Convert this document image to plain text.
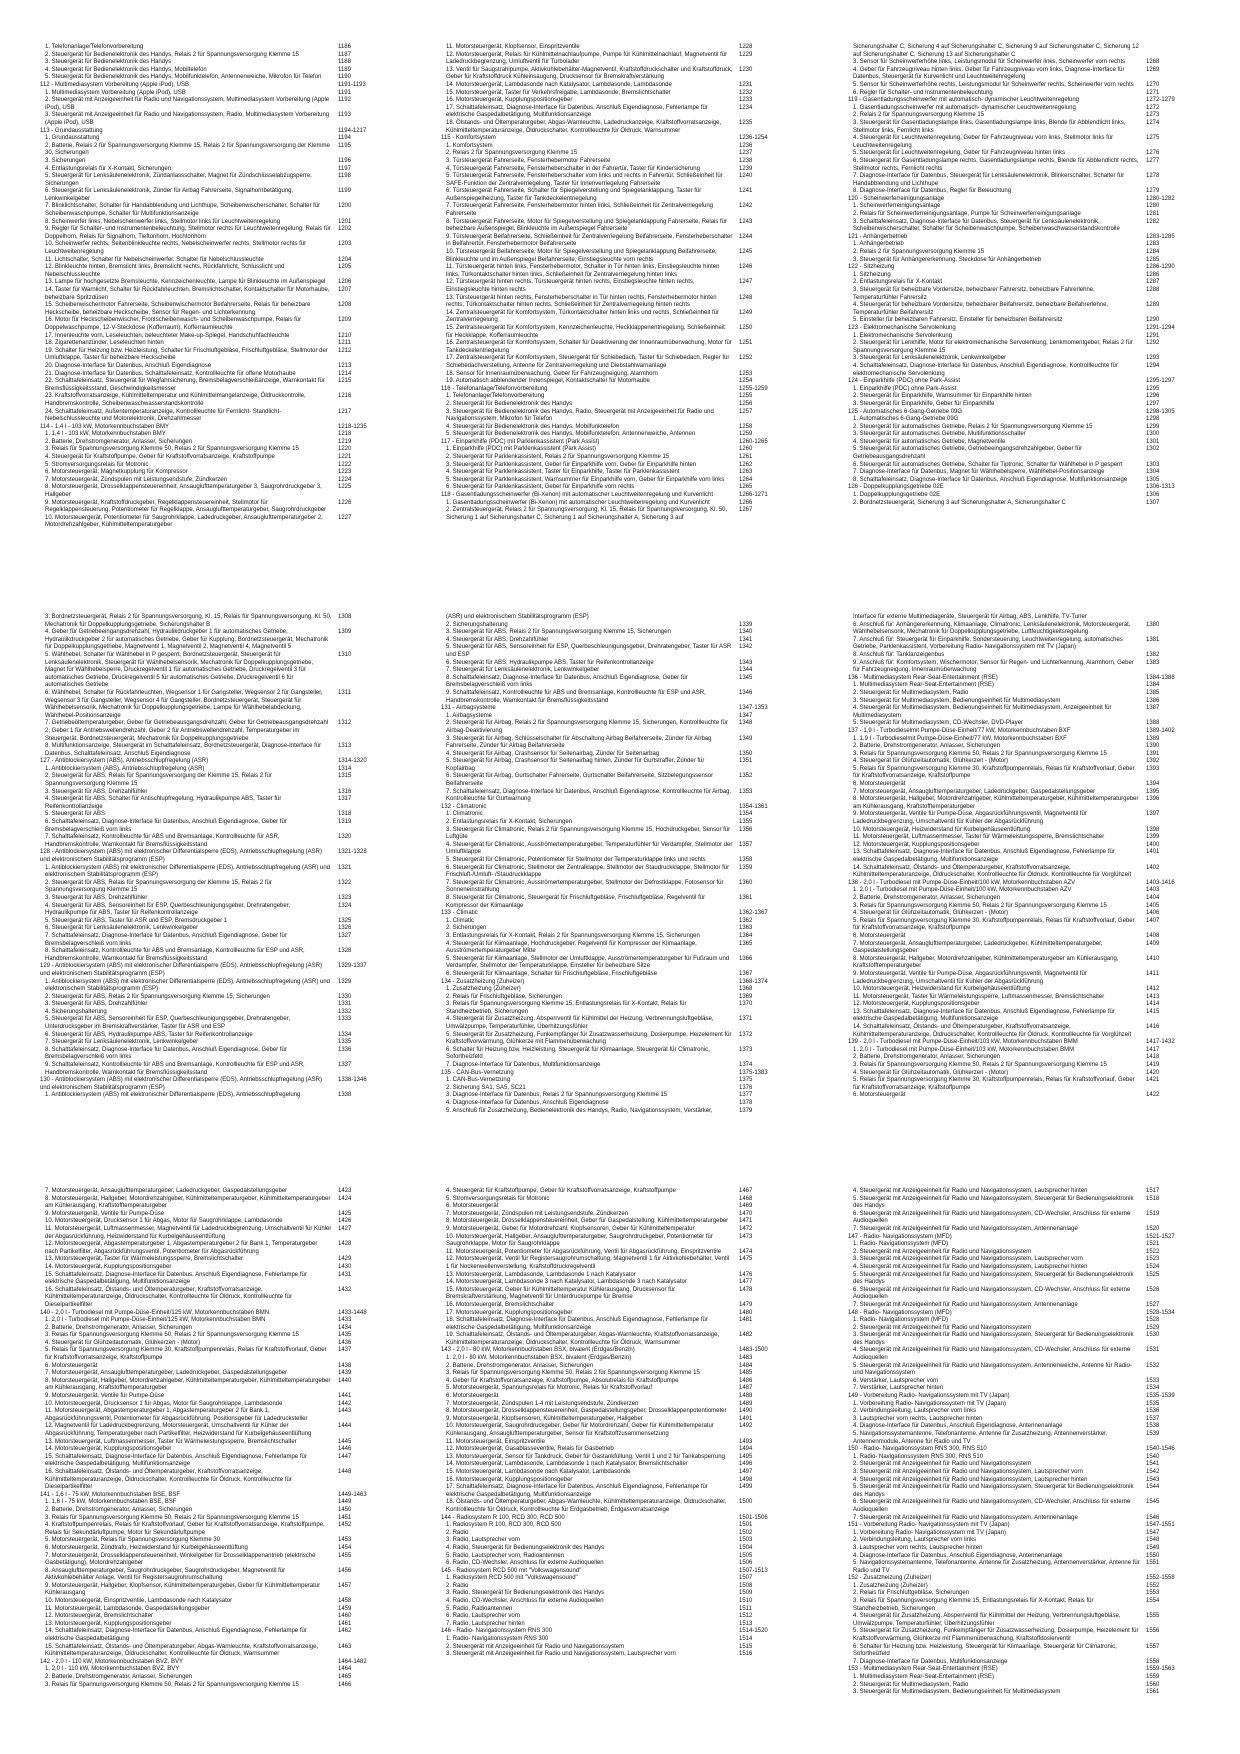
1. Telefonanlage/Telefonvorbereitung	1186
2. Steuergerät für Bedienelektronik des Handys, Relais 2 für Spannungsversorgung Klemme 15	1187
3. Steuergerät für Bedienelektronik des Handys	1188
4. Steuergerät für Bedienelektronik des Handys, Mobiltelefon	1189
5. Steuergerät für Bedienelektronik des Handys, Mobilfunktelefon, Antennenweiche, Mikrofon für Telefon	1190
112 - Multimediasystem Vorbereitung (Apple iPod), USB	1191-1193
1. Multimediasystem Vorbereitung (Apple iPod), USB	1191
2. Steuergerät mit Anzeigeeinheit für Radio und Navigationssystem, Multimediasystem Vorbereitung (Apple iPod), USB
1192
3. Steuergerät mit Anzeigeeinheit für Radio und Navigationssystem, Radio, Multimediasystem Vorbereitung (Apple iPod), USB
1193
113 - Grundausstattung	1194-1217
1. Grundausstattung	1194
2. Batterie, Relais 2 für Spannungsversorgung Klemme 15, Relais 2 für Spannungsversorgung der Klemme 30, Sicherungen
1195
3. Sicherungen	1196
4. Entlastungsrelais für X-Kontakt, Sicherungen	1197
5. Steuergerät für Lenksäulenelektronik, Zündanlassschalter, Magnet für Zündschlüsselabzugsperre, Sicherungen
1198
6. Steuergerät für Lenksäulenelektronik, Zünder für Airbag Fahrerseite, Signalhornbetätigung, Lenkwinkelgeber
1199
7. Blinklichtschalter, Schalter für Handabblendung und Lichthupe, Scheibenwischerschalter, Schalter für Scheibenwaschpumpe, Schalter für Multifunktionsanzeige
1200
8. Scheinwerfer links, Nebelscheinwerfer links, Stellmotor links für Leuchtweitenregelung	1201
9. Regler für Schalter- und Instrumentenbeleuchtung, Stellmotor rechts für Leuchtweitenregelung, Relais für Doppelhorn, Relais für Signalhorn, Tieftonhorn, Hochtonhorn
1202
10. Scheinwerfer rechts, Seitenblinkleuchte rechts, Nebelscheinwerfer rechts, Stellmotor rechts für Leuchtweitenregelung
1203
11. Lichtschalter, Schalter für Nebelscheinwerfer, Schalter für Nebelschlussleuchte	1204
12. Blinkleuchte hinten, Bremslicht links, Bremslicht rechts, Rückfahrlicht, Schlusslicht und Nebelschlussleuchte
1205
13. Lampe für hochgesetzte Bremsleuchte, Kennzeichenleuchte, Lampe für Blinkleuchte im Außenspiegel	1206
14. Taster für Warnlicht, Schalter für Rückfahrleuchten, Bremslichtschalter, Kontaktschalter für Motorhaube, beheizbare Spritzdüsen
1207
15. Scheibenwischermotor Fahrerseite, Scheibenwischermotor Beifahrerseite, Relais für beheizbare Heckscheibe, beheizbare Heckscheibe, Sensor für Regen- und Lichterkennung
1208
16. Motor für Heckscheibenwischer, Frontscheibenwasch- und Scheibenwaschpumpe, Relais für Doppelwaschpumpe, 12-V-Steckdose (Kofferraum), Kofferraumleuchte
1209
17. Innenleuchte vorn, Leseleuchten, beleuchteter Make-up-Spiegel, Handschuhfachleuchte	1210
18. Zigarettenanzünder, Leseleuchten hinten	1211
19. Schalter für Heizung bzw. Heizleistung, Schalter für Frischluftgebläse, Frischluftgebläse, Stellmotor der Umluftklappe, Taster für beheizbare Heckscheibe
1212
20. Diagnose-Interface für Datenbus, Anschluß Eigendiagnose	1213
21. Diagnose-Interface für Datenbus, Schalttafeleinsatz, Kontrollleuchte für offene Motorhaube	1214
22. Schalttafeleinsatz, Steuergerät für Wegfahrsicherung, Bremsbelagverschleißanzeige, Warnkontakt für Bremsflüssigkeitsstand, Geschwindigkeitsmesser
1215
23. Kraftstoffvorratsanzeige, Kühlmitteltemperatur und Kühlmittelmangelanzeige, Öldruckkontrolle, Handbremskontrolle, Scheibenwaschwasserstandskontrolle
1216
24. Schalttafeleinsatz, Außentemperaturanzeige, Kontrollleuchte für Fernlicht- Standlicht- Nebelschlussleuchte und Motorelektronik, Drehzahlmesser
1217
114 - 1,4 l - 103 kW, Motorkennbuchstaben BMY	1218-1235
1. 1,4 l - 103 kW, Motorkennbuchstaben BMY	1218
2. Batterie, Drehstromgenerator, Anlasser, Sicherungen	1219
3. Relais für Spannungsversorgung Klemme 50, Relais 2 für Spannungsversorgung Klemme 15	1220
4. Steuergerät für Kraftstoffpumpe, Geber für Kraftstoffvorratsanzeige, Kraftstoffpumpe	1221
5. Stromversorgungsrelais für Motronic	1222
6. Motorsteuergerät, Magnetkupplung für Kompressor	1223
7. Motorsteuergerät, Zündspulen mit Leistungsendstufe, Zündkerzen	1224
8. Motorsteuergerät, Drosselklappensteuereinheit, Ansauglufttemperaturgeber 3, Saugrohrdruckgeber 3, Hallgeber
1225
9. Motorsteuergerät, Kraftstoffdruckgeber, Regelklappensteuereinheit, Stellmotor für Regelklappensteuerung, Potentiometer für Regelklappe, Ansauglufttemperaturgeber, Saugrohrdruckgeber
1226
10. Motorsteuergerät, Potentiometer für Saugrohrklappe, Ladedruckgeber, Ansauglufttemperaturgeber 2, Motordrehzahlgeber, Kühlmitteltemperaturgeber
1227
11. Motorsteuergerät, Klopfsensor, Einspritzventile	1228
12. Motorsteuergerät, Relais für Kühlmittelnachlaufpumpe, Pumpe für Kühlmittelnachlauf, Magnetventil für Ladedruckbegrenzung, Umluftventil für Turbolader
1229
13. Ventil für Saugstrahlpumpe, Aktivkohlebehälter-Magnetventil, Kraftstoffdruckschalter und Kraftstoffdruck, Geber für Kraftstoffdruck Kühleinsaugung, Drucksensor für Bremskraftverstärkung
1230
14. Motorsteuergerät, Lambdasonde nach Katalysator, Lambdasonde, Lambdasonde	1231
15. Motorsteuergerät, Taster für Verkehrsfreigabe, Lambdasonde, Bremslichtschalter	1232
16. Motorsteuergerät, Kupplungspositionsgeber	1233
17. Schalttafeleinsatz, Diagnose-Interface für Datenbus, Anschluß Eigendiagnose, Fehlerlampe für elektrische Gaspedalbetätigung, Multifunktionsanzeige
1234
18. Ölstands- und Öltemperaturgeber, Abgas-Warnleuchte, Ladedruckanzeige, Kraftstoffvorratsanzeige, Kühlmitteltemperaturanzeige, Öldruckschalter, Kontrollleuchte für Öldruck, Warnsummer
1235
115 - Komfortsystem	1236-1254
1. Komfortsystem	1236
2. Relais 2 für Spannungsversorgung Klemme 15	1237
3. Türsteuergerät Fahrerseite, Fensterhebermotor Fahrerseite	1238
4. Türsteuergerät Fahrerseite, Fensterheberschalter in der Fahrertür, Taster für Kindersicherung	1239
5. Türsteuergerät Fahrerseite, Fensterheberschalter vorn links und rechts in Fahrertür, Schließeinheit für SAFE-Funktion der Zentralverriegelung, Taster für Innenverriegelung Fahrerseite
1240
6. Türsteuergerät Fahrerseite, Schalter für Spiegelverstellung und Spiegelanklappung, Taster für Außenspiegelheizung, Taster für Tankdeckelentriegelung
1241
7. Türsteuergerät Fahrerseite, Fensterhebermotor hinten links, Schließeinheit für Zentralverriegelung Fahrerseite
1242
8. Türsteuergerät Fahrerseite, Motor für Spiegelverstellung und Spiegelanklappung Fahrerseite, Relais für beheizbare Außenspiegel, Blinkleuchte im Außenspiegel Fahrerseite
1243
9. Türsteuergerät Beifahrerseite, Schließeinheit für Zentralverriegelung Beifahrerseite, Fensterheberschalter in Beifahrertür, Fensterhebermotor Beifahrerseite
1244
10. Türsteuergerät Beifahrerseite, Motor für Spiegelverstellung und Spiegelanklappung Beifahrerseite, Blinkleuchte und im Außenspiegel Beifahrerseite, Einstiegsleuchte vorn rechts
1245
11. Türsteuergerät hinten links, Fensterhebermotor, Schalter in Tür hinten links, Einstiegsleuchte hinten links, Türkontaktschalter hinten links, Schließeinheit für Zentralverriegelung hinten links
1246
12. Türsteuergerät hinten rechts, Türsteuergerät hinten rechts, Einstiegsleuchte hinten rechts, Einstiegsleuchte hinten rechts
1247
13. Türsteuergerät hinten rechts, Fensterheberschalter in Tür hinten rechts, Fensterhebermotor hinten rechts, Türkontaktschalter hinten rechts, Schließeinheit für Zentralverriegelung hinten rechts
1248
14. Zentralsteuergerät für Komfortsystem, Türkontaktschalter hinten links und rechts, Schließeinheit für Zentralverriegelung
1249
15. Zentralsteuergerät für Komfortsystem, Kennzeichenleuchte, Heckklappenentriegelung, Schließeinheit für Heckklappe, Kofferraumleuchte
1250
16. Zentralsteuergerät für Komfortsystem, Schalter für Deaktivierung der Innenraumüberwachung, Motor für Tankdeckelentriegelung
1251
17. Zentralsteuergerät für Komfortsystem, Steuergerät für Schiebedach, Taster für Schiebedach, Regler für Schiebedachverstellung, Antenne für Zentralverriegelung und Diebstahlwarnanlage
1252
18. Sensor für Innenraumüberwachung, Geber für Fahrzeugneigung, Alarmhorn	1253
19. Automatisch abblendender Innenspiegel, Kontaktschalter für Motorhaube	1254
116 - Telefonanlage/Telefonvorbereitung	1255-1259
1. Telefonanlage/Telefonvorbereitung	1255
2. Steuergerät für Bedienelektronik des Handys	1256
3. Steuergerät für Bedienelektronik des Handys, Radio, Steuergerät mit Anzeigeeinheit für Radio und Navigationssystem, Mikrofon für Telefon
1257
4. Steuergerät für Bedienelektronik des Handys, Mobilfunktelefon	1258
5. Steuergerät für Bedienelektronik des Handys, Mobilfunktelefon, Antennenweiche, Antennen	1259
117 - Einparkhilfe (PDC) mit Parklenkassistent (Park Assist)	1260-1265
1. Einparkhilfe (PDC) mit Parklenkassistent (Park Assist)	1260
2. Steuergerät für Parklenkassistent, Relais 2 für Spannungsversorgung Klemme 15	1261
3. Steuergerät für Parklenkassistent, Geber für Einparkhilfe vorn, Geber für Einparkhilfe hinten	1262
4. Steuergerät für Parklenkassistent, Taster für Einparkhilfe, Taster für Parklenkassistent	1263
5. Steuergerät für Parklenkassistent, Warnsummer für Einparkhilfe vorn, Geber für Einparkhilfe vorn links	1264
6. Steuergerät für Parklenkassistent, Geber für Einparkhilfe vorn rechts	1265
118 - Gasentladungsscheinwerfer (Bi-Xenon) mit automatischer Leuchtweitenregelung und Kurvenlicht	1266-1271
1. Gasentladungsscheinwerfer (Bi-Xenon) mit automatischer Leuchtweitenregelung und Kurvenlicht	1266
2. Zentralsteuergerät, Relais 2 für Spannungsversorgung, Kl. 15, Relais für Spannungsversorgung, Kl. 50, Sicherung 1 auf Sicherungshalter C, Sicherung 1 auf Sicherungshalter A, Sicherung 3 auf
1267
Sicherungshalter C, Sicherung 4 auf Sicherungshalter C, Sicherung 9 auf Sicherungshalter C, Sicherung 12 auf Sicherungshalter C, Sicherung 13 auf Sicherungshalter C
3. Sensor für Scheinwerferhöhe links, Leistungsmodul für Scheinwerfer links, Scheinwerfer vorn rechts	1268
4. Geber für Fahrzeugniveau hinten links, Geber für Fahrzeugniveau vorn links, Diagnose-Interface für Datenbus, Steuergerät für Kurvenlicht und Leuchtweitenregelung
1269
5. Sensor für Scheinwerferhöhe rechts, Leistungsmodul für Scheinwerfer rechts, Scheinwerfer vorn rechts	1270
6. Regler für Schalter- und Instrumentenbeleuchtung	1271
119 - Gasentladungsscheinwerfer mit automatisch- dynamischer Leuchtweitenregelung	1272-1279
1. Gasentladungsscheinwerfer mit automatisch- dynamischer Leuchtweitenregelung	1272
2. Relais 2 für Spannungsversorgung Klemme 15	1273
3. Steuergerät für Gasentladungslampe links, Gasentladungslampe links, Blende für Abblendlicht links, Stellmotor links, Fernlicht links
1274
4. Steuergerät für Leuchtweitenregelung, Geber für Fahrzeugniveau vorn links, Stellmotor links für Leuchtweitenregelung
1275
5. Steuergerät für Leuchtweitenregelung, Geber für Fahrzeugniveau hinten links	1276
6. Steuergerät für Gasentladungslampe rechts, Gasentladungslampe rechts, Blende für Abblendlicht rechts, Stellmotor rechts, Fernlicht rechts
1277
7. Diagnose-Interface für Datenbus, Steuergerät für Lenksäulenelektronik, Blinkerschalter, Schalter für Handabblendung und Lichthupe
1278
8. Diagnose-Interface für Datenbus, Regler für Beleuchtung	1279
120 - Scheinwerferreinigungsanlage	1280-1282
1. Scheinwerferreinigungsanlage	1280
2. Relais für Scheinwerferreinigungsanlage, Pumpe für Scheinwerferreinigungsanlage	1281
3. Schalttafeleinsatz, Diagnose-Interface für Datenbus, Steuergerät für Lenksäulenelektronik, Scheibenwischerschalter, Schalter für Scheibenwaschpumpe, Scheibenwaschwasserstandskontrolle
1282
121 - Anhängerbetrieb	1283-1285
1. Anhängerbetrieb	1283
2. Relais 2 für Spannungsversorgung Klemme 15	1284
3. Steuergerät für Anhängererkennung, Steckdose für Anhängerbetrieb	1285
122 - Sitzheizung	1286-1290
1. Sitzheizung	1286
2. Entlastungsrelais für X-Kontakt	1287
3. Steuergerät für beheizbare Vordersitze, beheizbarer Fahrersitz, beheizbare Fahrerlehne, Temperaturfühler Fahrersitz
1288
4. Steuergerät für beheizbare Vordersitze, beheizbarer Beifahrersitz, beheizbare Beifahrerlehne, Temperaturfühler Beifahrersitz
1289
5. Einsteller für beheizbaren Fahrersitz, Einsteller für beheizbaren Beifahrersitz	1290
123 - Elektromechanische Servolenkung	1291-1294
1. Elektromechanische Servolenkung	1291
2. Steuergerät für Lenkhilfe, Motor für elektromechanische Servolenkung, Lenkmomentgeber, Relais 2 für Spannungsversorgung Klemme 15
1292
3. Steuergerät für Lenksäulenelektronik, Lenkwinkelgeber	1293
4. Schalttafeleinsatz, Diagnose-Interface für Datenbus, Anschluß Eigendiagnose, Kontrollleuchte für elektromechanische Servolenkung
1294
124 - Einparkhilfe (PDC) ohne Park-Assist	1295-1297
1. Einparkhilfe (PDC) ohne Park-Assist	1295
2. Steuergerät für Einparkhilfe, Warnsummer für Einparkhilfe hinten	1296
3. Steuergerät für Einparkhilfe, Geber für Einparkhilfe	1297
125 - Automatisches 6-Gang-Getriebe 09G	1298-1305
1. Automatisches 6-Gang-Getriebe 09G	1298
2. Steuergerät für automatisches Getriebe, Relais 2 für Spannungsversorgung Klemme 15	1299
3. Steuergerät für automatisches Getriebe, Multifunktionsschalter	1300
4. Steuergerät für automatisches Getriebe, Magnetventile	1301
5. Steuergerät für automatisches Getriebe, Getriebeeingangsdrehzahlgeber, Geber für Getriebeausgangsdrehzahl
1302
6. Steuergerät für automatisches Getriebe, Schalter für Tiptronic, Schalter für Wählhebel in P gesperrt	1303
7. Diagnose-Interface für Datenbus, Magnet für Wählhebelsperre, Wählhebel-Positionsanzeige	1304
8. Schalttafeleinsatz, Diagnose-Interface für Datenbus, Anschluß Eigendiagnose, Multifunktionsanzeige	1305
126 - Doppelkupplungsgetriebe 02E	1306-1313
1. Doppelkupplungsgetriebe 02E	1306
2. Bordnetzsteuergerät, Sicherung 3 auf Sicherungshalter A, Sicherungshalter C	1307
3. Bordnetzsteuergerät, Relais 2 für Spannungsversorgung, Kl. 15, Relais für Spannungsversorgung, Kl. 50, Mechatronik für Doppelkupplungsgetriebe, Sicherungshalter B
1308
4. Geber für Getriebeeingangsdrehzahl, Hydraulikdruckgeber 1 für automatisches Getriebe, Hydraulikdruckgeber 2 für automatisches Getriebe, Geber für Kupplung, Bordnetzsteuergerät, Mechatronik für Doppelkupplungsgetriebe, Magnetventil 1, Magnetventil 2, Magnetventil 4, Magnetventil 5
1309
5. Wählhebel, Schalter für Wählhebel in P gesperrt, Bordnetzsteuergerät, Steuergerät für Lenksäulenelektronik, Steuergerät für Wählhebelsensorik, Mechatronik für Doppelkupplungsgetriebe, Magnet für Wählhebelsperre, Druckregelventil 1 für automatisches Getriebe, Druckregelventil 3 für automatisches Getriebe, Druckregelventil 5 für automatisches Getriebe, Druckregelventil 6 für automatisches Getriebe
1310
6. Wählhebel, Schalter für Rückfahrleuchten, Wegsensor 1 für Gangsteller, Wegsensor 2 für Gangsteller, Wegsensor 3 für Gangsteller, Wegsensor 4 für Gangsteller, Bordnetzsteuergerät, Steuergerät für Wählhebelsensorik, Mechatronik für Doppelkupplungsgetriebe, Lampe für Wählhebelabdeckung, Wählhebel-Positionsanzeige
1311
7. Getriebeöltemperaturgeber, Geber für Getriebeausgangsdrehzahl, Geber für Getriebeausgangsdrehzahl 2, Geber 1 für Antriebswellendrehzahl, Geber 2 für Antriebswellendrehzahl, Temperaturgeber im Steuergerät, Bordnetzsteuergerät, Mechatronik für Doppelkupplungsgetriebe
1312
8. Multifunktionsanzeige, Steuergerät im Schalttafeleinsatz, Bordnetzsteuergerät, Diagnose-Interface für Datenbus, Schalttafeleinsatz, Anschluß Eigendiagnose
1313
127 - Antiblockiersystem (ABS), Antriebsschlupfregelung (ASR)	1314-1320
1. Antiblockiersystem (ABS), Antriebsschlupfregelung (ASR)	1314
2. Steuergerät für ABS, Relais für Spannungsversorgung der Klemme 15, Relais 2 für Spannungsversorgung Klemme 15
1315
3. Steuergerät für ABS, Drehzahlfühler	1316
4. Steuergerät für ABS, Schalter für Antischlupfregelung, Hydraulikpumpe ABS, Taster für Reifenkontrollanzeige
1317
5. Steuergerät für ABS	1318
6. Schalttafeleinsatz, Diagnose-Interface für Datenbus, Anschluß Eigendiagnose, Geber für Bremsbelagverschleiß vorn links
1319
7. Schalttafeleinsatz, Kontrollleuchte für ABS und Bremsanlage, Kontrollleuchte für ASR, Handbremskontrolle, Warnkontakt für Bremsflüssigkeitsstand
1320
128 - Antiblockiersystem (ABS) mit elektronischer Differentialsperre (EDS), Antriebsschlupfregelung (ASR) und elektronischem Stabilitätsprogramm (ESP)
1321-1328
1. Antiblockiersystem (ABS) mit elektronischer Differentialsperre (EDS), Antriebsschlupfregelung (ASR) und elektronischem Stabilitätsprogramm (ESP)
1321
2. Steuergerät für ABS, Relais für Spannungsversorgung der Klemme 15, Relais 2 für Spannungsversorgung Klemme 15
1322
3. Steuergerät für ABS, Drehzahlfühler	1323
4. Steuergerät für ABS, Sensoreinheit für ESP, Querbeschleunigungsgeber, Drehratengeber, Hydraulikpumpe für ABS, Taster für Reifenkontrollanzeige
1324
5. Steuergerät für ABS, Taster für ASR und ESP, Bremsdruckgeber 1	1325
6. Steuergerät für Lenksäulenelektronik, Lenkwinkelgeber	1326
7. Schalttafeleinsatz, Diagnose-Interface für Datenbus, Anschluß Eigendiagnose, Geber für Bremsbelagverschleiß vorn links
1327
8. Schalttafeleinsatz, Kontrollleuchte für ABS und Bremsanlage, Kontrollleuchte für ESP und ASR, Handbremskontrolle, Warnkontakt für Bremsflüssigkeitsstand
1328
129 - Antiblockiersystem (ABS) mit elektronischer Differentialsperre (EDS), Antriebsschlupfregelung (ASR) und elektronischem Stabilitätsprogramm (ESP)
1329-1337
1. Antiblockiersystem (ABS) mit elektronischer Differentialsperre (EDS), Antriebsschlupfregelung (ASR) und elektronischem Stabilitätsprogramm (ESP)
1329
2. Steuergerät für ABS, Relais 2 für Spannungsversorgung Klemme 15, Sicherungen	1330
3. Steuergerät für ABS, Drehzahlfühler	1331
4. Sicherungshalterung	1332
5. Steuergerät für ABS, Sensoreinheit für ESP, Querbeschleunigungsgeber, Drehratengeber, Unterdrucksgeber im Bremskraftverstärker, Taster für ASR und ESP
1333
6. Steuergerät für ABS, Hydraulikpumpe ABS, Taster für Reifenkontrollanzeige	1334
7. Steuergerät für Lenksäulenelektronik, Lenkwinkelgeber	1335
8. Schalttafeleinsatz, Diagnose-Interface für Datenbus, Anschluß Eigendiagnose, Geber für Bremsbelagverschleiß vorn links
1336
9. Schalttafeleinsatz, Kontrollleuchte für ABS und Bremsanlage, Kontrollleuchte für ESP und ASR, Handbremskontrolle, Warnkontakt für Bremsflüssigkeitsstand
1337
130 - Antiblockiersystem (ABS) mit elektronischer Differentialsperre (EDS), Antriebsschlupfregelung (ASR) und elektronischem Stabilitätsprogramm (ESP)
1338-1346
1. Antiblockiersystem (ABS) mit elektronischer Differentialsperre (EDS), Antriebsschlupfregelung	1338
(ASR) und elektronischem Stabilitätsprogramm (ESP)
2. Sicherungshalterung	1339
3. Steuergerät für ABS, Relais 2 für Spannungsversorgung Klemme 15, Sicherungen	1340
4. Steuergerät für ABS, Drehzahlfühler	1341
5. Steuergerät für ABS, Sensoreinheit für ESP, Querbeschleunigungsgeber, Drehratengeber, Taster für ASR und ESP
1342
6. Steuergerät für ABS, Hydraulikpumpe ABS, Taster für Reifenkontrollanzeige	1343
7. Steuergerät für Lenksäulenelektronik, Lenkwinkelgeber	1344
8. Schalttafeleinsatz, Diagnose-Interface für Datenbus, Anschluß Eigendiagnose, Geber für Bremsbelagverschleiß vorn links
1345
9. Schalttafeleinsatz, Kontrollleuchte für ABS und Bremsanlage, Kontrollleuchte für ESP und ASR, Handbremskontrolle, Warnkontakt für Bremsflüssigkeitsstand
1346
131 - Airbagsysteme	1347-1353
1. Airbagsysteme	1347
2. Steuergerät für Airbag, Relais 2 für Spannungsversorgung Klemme 15, Sicherungen, Kontrollleuchte für Airbag-Deaktivierung
1348
3. Steuergerät für Airbag, Schlüsselschalter für Abschaltung Airbag Beifahrerseite, Zünder für Airbag Fahrerseite, Zünder für Airbag Beifahrerseite
1349
4. Steuergerät für Airbag, Crashsensor für Seitenairbag, Zünder für Seitenairbag	1350
5. Steuergerät für Airbag, Crashsensor für Seitenairbag hinten, Zünder für Gurtstraffer, Zünder für Kopfairbag
1351
6. Steuergerät für Airbag, Gurtschalter Fahrerseite, Gurtschalter Beifahrerseite, Sitzbelegungssensor Beifahrerseite
1352
7. Schalttafeleinsatz, Diagnose-Interface für Datenbus, Anschluß Eigendiagnose, Kontrollleuchte für Airbag, Kontrollleuchte für Gurtwarnung
1353
132 - Climatronic	1354-1361
1. Climatronic	1354
2. Entlastungsrelais für X-Kontakt, Sicherungen	1355
3. Steuergerät für Climatronic, Relais 2 für Spannungsversorgung Klemme 15, Hochdruckgeber, Sensor für Luftgüte
1356
4. Steuergerät für Climatronic, Ausströmertemperaturgeber, Temperaturfühler für Verdampfer, Stellmotor der Umluftklappe
1357
5. Steuergerät für Climatronic, Potentiometer für Stellmotor der Temperaturklappe links und rechts	1358
6. Steuergerät für Climatronic, Stellmotor der Zentralklappe, Stellmotor der Staudruckklappe, Stellmotor für Frischluft-/Umluft- /Staudruckklappe
1359
7. Steuergerät für Climatronic, Ausströmertemperaturgeber, Stellmotor der Defrostklappe, Fotosensor für Sonneneinstrahlung
1360
8. Steuergerät für Climatronic, Steuergerät für Frischluftgebläse, Frischluftgebläse, Regelventil für Kompressor der Klimaanlage
1361
133 - Climatic	1362-1367
1. Climatic	1362
2. Sicherungen	1363
3. Entlastungsrelais für X-Kontakt, Relais 2 für Spannungsversorgung Klemme 15, Sicherungen	1364
4. Steuergerät für Klimaanlage, Hochdruckgeber, Regelventil für Kompressor der Klimaanlage, Ausströmertemperaturgeber Mitte
1365
5. Steuergerät für Klimaanlage, Stellmotor der Umluftklappe, Ausströmertemperaturgeber für Fußraum und Verdampfer, Stellmotor der Temperaturklappe, Einsteller für beheizbare Sitze
1366
6. Steuergerät für Klimaanlage, Schalter für Frischluftgebläse, Frischluftgebläse	1367
134 - Zusatzheizung (Zuheizer)	1368-1374
1. Zusatzheizung (Zuheizer)	1368
2. Relais für Frischluftgebläse, Sicherungen	1369
3. Relais für Spannungsversorgung Klemme 15, Entlastungsrelais für X-Kontakt, Relais für Standheizbetrieb, Sicherungen
1370
4. Steuergerät für Zusatzheizung, Absperrventil für Kühlmittel der Heizung, Verbrennungsluftgebläse, Umwälzpumpe, Temperaturfühler, Überhitzungsfühler
1371
5. Steuergerät für Zusatzheizung, Funkempfänger für Zusatzwasserheizung, Dosierpumpe, Heizelement für Kraftstoffvorwärmung, Glühkerze mit Flammenüberwachung
1372
6. Schalter für Heizung bzw. Heizleistung, Steuergerät für Klimaanlage, Steuergerät für Climatronic, Sofortheizfeld
1373
7. Diagnose-Interface für Datenbus, Multifunktionsanzeige	1374
135 - CAN-Bus-Vernetzung	1375-1383
1. CAN-Bus-Vernetzung	1375
2. Sicherung SA1, SA5, SC21	1376
3. Diagnose-Interface für Datenbus, Relais 2 für Spannungsversorgung Klemme 15	1377
4. Diagnose-Interface für Datenbus, Anschluß Eigendiagnose	1378
5. Anschluß für Zusatzheizung, Bedienelektronik des Handys, Radio, Navigationssystem, Verstärker,	1379
Interface für externe Multimediageräte, Steuergerät für Airbag, ABS, Lenkhilfe, TV-Tuner
6. Anschluß für: Anhängererkennung, Klimaanlage, Climatronic, Lenksäulenelektronik, Motorsteuergerät, Wählhebelsensorik, Mechatronik für Doppelkupplungsgetriebe, Luftfeuchtigkeitsregelung
1380
7. Anschluß für: Steuergerät für Einparkhilfe, Sondersteuerung, Leuchtweitenregelung, automatisches Getriebe, Parklenkassistent, Vorbereitung Radio- Navigationssystem mit TV (Japan)
1381
8. Anschluß für: Tanklanzeigenbus	1382
9. Anschluß für: Komfortsystem, Wischermotor, Sensor für Regen- und Lichterkennung, Alarmhorn, Geber für Fahrzeugneigung, Innenraumüberwachung
1383
136 - Multimediasystem Rear-Seat-Entertainment (RSE)	1384-1388
1. Multimediasystem Rear-Seat-Entertainment (RSE)	1384
2. Steuergerät für Multimediasystem, Radio	1385
3. Steuergerät für Multimediasystem, Bedienungseinheit für Multimediasystem	1386
4. Steuergerät für Multimediasystem, Bedienungseinheit für Multimediasystem, Anzeigeeinheit für Multimediasystem
1387
5. Steuergerät für Multimediasystem, CD-Wechsler, DVD-Player	1388
137 - 1,9 l - Turbodieselmit Pumpe-Düse-Einheit/77 kW, Motorkennbuchstaben BXF	1389-1402
1. 1,9 l - Turbodieselmit Pumpe-Düse-Einheit/77 kW, Motorkennbuchstaben BXF	1389
2. Batterie, Drehstromgenerator, Anlasser, Sicherungen	1390
3. Relais für Spannungsversorgung Klemme 50, Relais 2 für Spannungsversorgung Klemme 15	1391
4. Steuergerät für Glühzeitautomatik, Glühkerzen - (Motor)	1392
5. Relais für Spannungsversorgung Klemme 30, Kraftstoffpumpenrelais, Relais für Kraftstoffvorlauf, Geber für Kraftstoffvorratsanzeige, Kraftstoffpumpe
1393
6. Motorsteuergerät	1394
7. Motorsteuergerät, Ansauglufttemperaturgeber, Ladedruckgeber, Gaspedalstellungsgeber	1395
8. Motorsteuergerät, Hallgeber, Motordrehzahlgeber, Kühlmitteltemperaturgeber, Kühlmitteltemperaturgeber am Kühlerausgang, Kraftstofftemperaturgeber
1396
9. Motorsteuergerät, Ventile für Pumpe-Düse, Abgasrückführungsventil, Magnetventil für Ladedruckbegrenzung, Umschaltventil für Kühler der Abgasrückführung
1397
10. Motorsteuergerät, Heizwiderstand für Kurbelgehäuseentlüftung	1398
11. Motorsteuergerät, Luftmassenmesser, Taster für Wärmeleistungssperre, Bremslichtschalter	1399
12. Motorsteuergerät, Kupplungspositionsgeber	1400
13. Schalttafeleinsatz, Diagnose-Interface für Datenbus, Anschluß Eigendiagnose, Fehlerlampe für elektrische Gaspedalbetätigung, Multifunktionsanzeige
1401
14. Schalttafeleinsatz, Ölstands- und Öltemperaturgeber, Kraftstoffvorratsanzeige, Kühlmitteltemperaturanzeige, Öldruckschalter, Kontrollleuchte für Öldruck, Kontrollleuchte für Vorglühzeit
1402
138 - 2,0 l - Turbodiesel mit Pumpe-Düse-Einheit/100 kW, Motorkennbuchstaben AZV	1403-1416
1. 2,0 l - Turbodiesel mit Pumpe-Düse-Einheit/100 kW, Motorkennbuchstaben AZV	1403
2. Batterie, Drehstromgenerator, Anlasser, Sicherungen	1404
3. Relais für Spannungsversorgung Klemme 50, Relais 2 für Spannungsversorgung Klemme 15	1405
4. Steuergerät für Glühzeitautomatik, Glühkerzen - (Motor)	1406
5. Relais für Spannungsversorgung Klemme 30, Kraftstoffpumpenrelais, Relais für Kraftstoffvorlauf, Geber für Kraftstoffvorratsanzeige, Kraftstoffpumpe
1407
6. Motorsteuergerät	1408
7. Motorsteuergerät, Ansauglufttemperaturgeber, Ladedruckgeber, Kühlmitteltemperaturgeber, Gaspedalstellungsgeber
1409
8. Motorsteuergerät, Hallgeber, Motordrehzahlgeber, Kühlmitteltemperaturgeber am Kühlerausgang, Kraftstofftemperaturgeber
1410
9. Motorsteuergerät, Ventile für Pumpe-Düse, Abgasrückführungsventil, Magnetventil für Ladedruckbegrenzung, Umschaltventil für Kühler der Abgasrückführung
1411
10. Motorsteuergerät, Heizwiderstand für Kurbelgehäuseentlüftung	1412
11. Motorsteuergerät, Taster für Wärmeleistungssperre, Luftmassenmesser, Bremslichtschalter	1413
12. Motorsteuergerät, Kupplungspositionsgeber	1414
13. Schalttafeleinsatz, Diagnose-Interface für Datenbus, Anschluß Eigendiagnose, Fehlerlampe für elektrische Gaspedalbetätigung, Multifunktionsanzeige
1415
14. Schalttafeleinsatz, Ölstands- und Öltemperaturgeber, Kraftstoffvorratsanzeige, Kühlmitteltemperaturanzeige, Öldruckschalter, Kontrollleuchte für Öldruck, Kontrollleuchte für Vorglühzeit
1416
139 - 2,0 l - Turbodiesel mit Pumpe-Düse-Einheit/103 kW, Motorkennbuchstaben BMM	1417-1432
1. 2,0 l - Turbodiesel mit Pumpe-Düse-Einheit/103 kW, Motorkennbuchstaben BMM	1417
2. Batterie, Drehstromgenerator, Anlasser, Sicherungen	1418
3. Relais für Spannungsversorgung Klemme 50, Relais 2 für Spannungsversorgung Klemme 15	1419
4. Steuergerät für Glühzeitautomatik, Glühkerzen - (Motor)	1420
5. Relais für Spannungsversorgung Klemme 30, Kraftstoffpumpenrelais, Relais für Kraftstoffvorlauf, Geber für Kraftstoffvorratsanzeige, Kraftstoffpumpe
1421
6. Motorsteuergerät	1422
7. Motorsteuergerät, Ansauglufttemperaturgeber, Ladedruckgeber, Gaspedalstellungsgeber	1423
8. Motorsteuergerät, Hallgeber, Motordrehzahlgeber, Kühlmitteltemperaturgeber, Kühlmitteltemperaturgeber am Kühlerausgang, Kraftstofftemperaturgeber
1424
9. Motorsteuergerät, Ventile für Pumpe-Düse	1425
10. Motorsteuergerät, Drucksensor 1 für Abgas, Motor für Saugrohrklappe, Lambdasonde	1426
11. Motorsteuergerät, Luftmassenmesser, Magnetventil für Ladedruckbegrenzung, Umschaltventil für Kühler der Abgasrückführung, Heizwiderstand für Kurbelgehäuseentlüftung
1427
12. Motorsteuergerät, Abgastemperaturgeber 1, Abgastemperaturgeber 2 für Bank 1, Temperaturgeber nach Partikelfilter, Abgasrückführungsventil, Potentiometer für Abgasrückführung
1428
13. Motorsteuergerät, Taster für Wärmeleistungssperre, Bremslichtschalter	1429
14. Motorsteuergerät, Kupplungspositionsgeber	1430
15. Schalttafeleinsatz, Diagnose-Interface für Datenbus, Anschluß Eigendiagnose, Fehlerlampe für elektrische Gaspedalbetätigung, Multifunktionsanzeige
1431
16. Schalttafeleinsatz, Ölstands- und Öltemperaturgeber, Kraftstoffvorratsanzeige, Kühlmitteltemperaturanzeige, Öldruckschalter, Kontrollleuchte für Öldruck, Kontrollleuchte für Dieselpartikelfilter
1432
140 - 2,0 l - Turbodiesel mit Pumpe-Düse-Einheit/125 kW, Motorkennbuchstaben BMN	1433-1448
1. 2,0 l - Turbodiesel mit Pumpe-Düse-Einheit/125 kW, Motorkennbuchstaben BMN	1433
2. Batterie, Drehstromgenerator, Anlasser, Sicherungen	1434
3. Relais für Spannungsversorgung Klemme 50, Relais 2 für Spannungsversorgung Klemme 15	1435
4. Steuergerät für Glühzeitautomatik, Glühkerzen - (Motor)	1436
5. Relais für Spannungsversorgung Klemme 30, Kraftstoffpumpenrelais, Relais für Kraftstoffvorlauf, Geber für Kraftstoffvorratsanzeige, Kraftstoffpumpe
1437
6. Motorsteuergerät	1438
7. Motorsteuergerät, Ansauglufttemperaturgeber, Ladedruckgeber, Gaspedalstellungsgeber	1439
8. Motorsteuergerät, Hallgeber, Motordrehzahlgeber, Kühlmitteltemperaturgeber, Kühlmitteltemperaturgeber am Kühlerausgang, Kraftstofftemperaturgeber
1440
9. Motorsteuergerät, Ventile für Pumpe-Düse	1441
10. Motorsteuergerät, Drucksensor 1 für Abgas, Motor für Saugrohrklappe, Lambdasonde	1442
11. Motorsteuergerät, Abgastemperaturgeber 1, Abgastemperaturgeber 2 für Bank 1, Abgasrückführungsventil, Potentiometer für Abgasrückführung, Positionsgeber für Ladedrucksteller
1443
12. Magnetventil für Ladedruckbegrenzung, Motorsteuergerät, Umschaltventil für Kühler der Abgasrückführung, Temperaturgeber nach Partikelfilter, Heizwiderstand für Kurbelgehäuseentlüftung
1444
13. Motorsteuergerät, Luftmassenmesser, Taster für Wärmeleistungssperre, Bremslichtschalter	1445
14. Motorsteuergerät, Kupplungspositionsgeber	1446
15. Schalttafeleinsatz, Diagnose-Interface für Datenbus, Anschluß Eigendiagnose, Fehlerlampe für elektrische Gaspedalbetätigung, Multifunktionsanzeige
1447
16. Schalttafeleinsatz, Ölstands- und Öltemperaturgeber, Kraftstoffvorratsanzeige, Kühlmitteltemperaturanzeige, Öldruckschalter, Kontrollleuchte für Öldruck, Kontrollleuchte für Dieselpartikelfilter
1448
141 - 1,6 l - 75 kW, Motorkennbuchstaben BSE, BSF	1449-1463
1. 1,6 l - 75 kW, Motorkennbuchstaben BSE, BSF	1449
2. Batterie, Drehstromgenerator, Anlasser, Sicherungen	1450
3. Relais für Spannungsversorgung Klemme 50, Relais 2 für Spannungsversorgung Klemme 15	1451
4. Kraftstoffpumpenrelais, Relais für Kraftstoffvorlauf, Geber für Kraftstoffvorratsanzeige, Kraftstoffpumpe, Relais für Sekundärluftpumpe, Motor für Sekundärluftpumpe
1452
5. Motorsteuergerät, Relais für Spannungsversorgung Klemme 30	1453
6. Motorsteuergerät, Zündtrafo, Heizwiderstand für Kurbelgehäuseentlüftung	1454
7. Motorsteuergerät, Drosselklappensteuereinheit, Winkelgeber für Drosselklappenantrieb (elektrische Gasbetätigung), Motordrehzahlgeber
1455
8. Ansauglufttemperaturgeber, Saugrohrdruckgeber, Saugrohrdruckgeber, Magnetventil für Aktivkohlebehälter Anlage, Ventil für Registersaugrohrumschaltung
1456
9. Motorsteuergerät, Hallgeber, Klopfsensor, Kühlmitteltemperaturgeber, Geber für Kühlmitteltemperatur Kühlerausgang
1457
10. Motorsteuergerät, Einspritzventile, Lambdasonde nach Katalysator	1458
11. Motorsteuergerät, Lambdasonde, Gaspedalstellungsgeber	1459
12. Motorsteuergerät, Bremslichtschalter	1460
13. Motorsteuergerät, Kupplungspositionsgeber	1461
14. Schalttafeleinsatz, Diagnose-Interface für Datenbus, Anschluß Eigendiagnose, Fehlerlampe für elektrische Gaspedalbetätigung
1462
15. Schalttafeleinsatz, Ölstands- und Öltemperaturgeber, Abgas-Warnleuchte, Kraftstoffvorratsanzeige, Kühlmitteltemperaturanzeige, Öldruckschalter, Kontrollleuchte für Öldruck, Warnsummer
1463
142 - 2,0 l - 110 kW, Motorkennbuchstaben BVZ, BVY	1464-1482
1. 2,0 l - 110 kW, Motorkennbuchstaben BVZ, BVY	1464
2. Batterie, Drehstromgenerator, Anlasser, Sicherungen	1465
3. Relais für Spannungsversorgung Klemme 50, Relais 2 für Spannungsversorgung Klemme 15	1466
4. Steuergerät für Kraftstoffpumpe, Geber für Kraftstoffvorratsanzeige, Kraftstoffpumpe	1467
5. Stromversorgungsrelais für Motronic	1468
6. Motorsteuergerät	1469
7. Motorsteuergerät, Zündspulen mit Leistungsendstufe, Zündkerzen	1470
8. Motorsteuergerät, Drosselklappensteuereinheit, Geber für Gaspedalstellung, Kühlmitteltemperaturgeber	1471
9. Motorsteuergerät, Geber für Motordrehzahl, Klopfsensoren, Geber für Kühlmitteltemperatur	1472
10. Motorsteuergerät, Hallgeber, Ansauglufttemperaturgeber, Saugrohrdruckgeber, Potentiometer für Saugrohrklappe, Motor für Saugrohrklappe
1473
11. Motorsteuergerät, Potentiometer für Abgasrückführung, Ventil für Abgasrückführung, Einspritzventile	1474
12. Motorsteuergerät, Ventil für Registersaugrohrumschaltung, Magnetventil 1 für Aktivkohlebehälter, Ventil 1 für Nockenwellenverstellung, Kraftstoffdruckregelventil
1475
13. Motorsteuergerät, Lambdasonde, Lambdasonde 1 nach Katalysator	1476
14. Motorsteuergerät, Lambdasonde 3 nach Katalysator, Lambdasonde 3 nach Katalysator	1477
15. Motorsteuergerät, Geber für Kühlmitteltemperatur Kühlerausgang, Drucksensor für Bremskraftverstärkung, Magnetventil für Unterdruckpumpe für Bremse
1478
16. Motorsteuergerät, Bremslichtschalter	1479
17. Motorsteuergerät, Kupplungspositionsgeber	1480
18. Schalttafeleinsatz, Diagnose-Interface für Datenbus, Anschluß Eigendiagnose, Fehlerlampe für elektrische Gaspedalbetätigung, Multifunktionsanzeige
1481
19. Schalttafeleinsatz, Ölstands- und Öltemperaturgeber, Abgas-Warnleuchte, Kraftstoffvorratsanzeige, Kühlmitteltemperaturanzeige, Öldruckschalter, Kontrollleuchte für Öldruck, Warnsummer
1482
143 - 2,0 l - 80 kW, Motorkennbuchstaben BSX, bivalent (Erdgas/Benzin)	1483-1500
1. 2,0 l - 80 kW, Motorkennbuchstaben BSX, bivalent (Erdgas/Benzin)	1483
2. Batterie, Drehstromgenerator, Anlasser, Sicherungen	1484
3. Relais für Spannungsversorgung Klemme 50, Relais 2 für Spannungsversorgung Klemme 15	1485
4. Geber für Kraftstoffvorratsanzeige, Kraftstoffpumpe, Absolutrelais für Kraftstoffpumpe	1486
5. Motorsteuergerät, Spannungsrelais für Motronic, Relais für Kraftstoffvorlauf	1487
6. Motorsteuergerät	1488
7. Motorsteuergerät, Zündspulen 1-4 mit Leistungsendstufe, Zündkerzen	1489
8. Motorsteuergerät, Drosselklappensteuereinheit, Gaspedalstellungsgeber, Drosselklappenpotentiometer	1490
9. Motorsteuergerät, Klopfsensoren, Kühlmitteltemperaturgeber, Hallgeber	1491
10. Motorsteuergerät, Saugrohrdruckgeber, Geber für Motordrehzahl, Geber für Kühlmitteltemperatur Kühlerausgang, Ansauglufttemperaturgeber, Sensor für Kraftstoffzusammensetzung
1492
11. Motorsteuergerät, Einspritzventile	1493
12. Motorsteuergerät, Gasablasseventile, Relais für Gasbetrieb	1494
13. Motorsteuergerät, Sensor für Tankdruck, Geber für Gastankfüllung, Ventil 1 und 2 für Tankabsperrung	1495
14. Motorsteuergerät, Lambdasonde, Lambdasonde 1 nach Katalysator, Bremslichtschalter	1496
15. Motorsteuergerät, Lambdasonde nach Katalysator, Lambdasonde	1497
16. Motorsteuergerät, Kupplungspositionsgeber	1498
17. Schalttafeleinsatz, Diagnose-Interface für Datenbus, Anschluß Eigendiagnose, Fehlerlampe für elektrische Gaspedalbetätigung, Multifunktionsanzeige
1499
18. Ölstands- und Öltemperaturgeber, Abgas-Warnleuchte, Kühlmitteltemperaturanzeige, Öldruckschalter, Kontrollleuchte für Öldruck, Kontrollleuchte für Erdgasbetrieb, Erdgasvorratsanzeige
1500
144 - Radiosystem R 100, RCD 300, RCD 500	1501-1506
1. Radiosystem R 100, RCD 300, RCD 500	1501
2. Radio	1502
3. Radio, Lautsprecher vorn	1503
4. Radio, Steuergerät für Bedienungselektronik des Handys	1504
5. Radio, Lautsprecher vorn, Radioantennen	1505
6. Radio, CD-Wechsler, Anschluss für externe Audioquellen	1506
145 - Radiosystem RCD 500 mit "Volkswagensound"	1507-1513
1. Radiosystem RCD 500 mit "Volkswagensound"	1507
2. Radio	1508
3. Radio, Steuergerät für Bedienungselektronik des Handys	1509
4. Radio, CD-Wechsler, Anschluss für externe Audioquellen	1510
5. Radio, Radioantennen	1511
6. Radio, Lautsprecher vorn	1512
7. Radio, Lautsprecher hinten	1513
146 - Radio- Navigationssystem RNS 300	1514-1520
1. Radio- Navigationssystem RNS 300	1514
2. Steuergerät mit Anzeigeeinheit für Radio und Navigationssystem	1515
3. Steuergerät mit Anzeigeeinheit für Radio und Navigationssystem, Lautsprecher vorn	1516
4. Steuergerät mit Anzeigeeinheit für Radio und Navigationssystem, Lautsprecher hinten	1517
5. Steuergerät mit Anzeigeeinheit für Radio und Navigationssystem, Steuergerät für Bedienungselektronik des Handys
1518
6. Steuergerät mit Anzeigeeinheit für Radio und Navigationssystem, CD-Wechsler, Anschluss für externe Audioquellen
1519
7. Steuergerät mit Anzeigeeinheit für Radio und Navigationssystem, Antennenanlage	1520
147 - Radio- Navigationssystem (MFD)	1521-1527
1. Radio- Navigationssystem (MFD)	1521
2. Steuergerät mit Anzeigeeinheit für Radio und Navigationssystem	1522
3. Steuergerät mit Anzeigeeinheit für Radio und Navigationssystem, Lautsprecher vorn	1523
4. Steuergerät mit Anzeigeeinheit für Radio und Navigationssystem, Lautsprecher hinten	1524
5. Steuergerät mit Anzeigeeinheit für Radio und Navigationssystem, Steuergerät für Bedienungselektronik des Handys
1525
6. Steuergerät mit Anzeigeeinheit für Radio und Navigationssystem, CD-Wechsler, Anschluss für externe Audioquellen
1526
7. Steuergerät mit Anzeigeeinheit für Radio und Navigationssystem, Antennenanlage	1527
148 - Radio- Navigationssystem (MFD)	1528-1534
1. Radio- Navigationssystem (MFD)	1528
2. Steuergerät mit Anzeigeeinheit für Radio und Navigationssystem	1529
3. Steuergerät mit Anzeigeeinheit für Radio und Navigationssystem, Steuergerät für Bedienungselektronik des Handys
1530
4. Steuergerät mit Anzeigeeinheit für Radio und Navigationssystem, CD-Wechsler, Anschluss für externe Audioquellen
1531
5. Steuergerät mit Anzeigeeinheit für Radio und Navigationssystem, Antennenweiche, Antenne für Radio- und Navigationssystem
1532
6. Verstärker, Lautsprecher vorn	1533
7. Verstärker, Lautsprecher hinten	1534
149 - Vorbereitung Radio- Navigationssystem mit TV (Japan)	1535-1539
1. Vorbereitung Radio- Navigationssystem mit TV (Japan)	1535
2. Verbindungsleitung, Lautsprecher vorn links	1536
3. Lautsprecher vorn rechts, Lautsprecher hinten	1537
4. Diagnose-Interface für Datenbus, Anschluß Eigendiagnose, Antennenanlage	1538
5. Navigationssystemantenne, Telefonantenne, Antenne für Zusatzheizung, Antennenverstärker, Antennenmodule, Antenne für Radio und TV
1539
150 - Radio- Navigationssystem RNS 300, RNS 510	1540-1546
1. Radio- Navigationssystem RNS 300, RNS 510	1540
2. Steuergerät mit Anzeigeeinheit für Radio und Navigationssystem	1541
3. Steuergerät mit Anzeigeeinheit für Radio und Navigationssystem, Lautsprecher vorn	1542
4. Steuergerät mit Anzeigeeinheit für Radio und Navigationssystem, Lautsprecher hinten	1543
5. Steuergerät mit Anzeigeeinheit für Radio und Navigationssystem, Steuergerät für Bedienungselektronik des Handys
1544
6. Steuergerät mit Anzeigeeinheit für Radio und Navigationssystem, CD-Wechsler, Anschluss für externe Audioquellen
1545
7. Steuergerät mit Anzeigeeinheit für Radio und Navigationssystem, Antennenanlage	1546
151 - Vorbereitung Radio- Navigationssystem mit TV (Japan)	1547-1551
1. Vorbereitung Radio- Navigationssystem mit TV (Japan)	1547
2. Verbindungsleitung, Lautsprecher vorn links	1548
3. Lautsprecher vorn rechts, Lautsprecher hinten	1549
4. Diagnose-Interface für Datenbus, Anschluß Eigendiagnose, Antennenanlage	1550
5. Navigationssystemantenne, Telefonantenne, Antenne für Zusatzheizung, Antennenverstärker, Antenne für Radio und TV
1551
152 - Zusatzheizung (Zuheizer)	1552-1558
1. Zusatzheizung (Zuheizer)	1552
2. Relais für Frischluftgebläse, Sicherungen	1553
3. Relais für Spannungsversorgung Klemme 15, Entlastungsrelais für X-Kontakt, Relais für Standheizbetrieb, Sicherungen
1554
4. Steuergerät für Zusatzheizung, Absperrventil für Kühlmittel der Heizung, Verbrennungsluftgebläse, Umwälzpumpe, Temperaturfühler, Überhitzungsfühler
1555
5. Steuergerät für Zusatzheizung, Funkempfänger für Zusatzwasserheizung, Dosierpumpe, Heizelement für Kraftstoffvorwärmung, Glühkerze mit Flammenüberwachung, Kraftstoffdosierventil
1556
6. Schalter für Heizung bzw. Heizleistung, Steuergerät für Klimaanlage, Steuergerät für Climatronic, Sofortheizfeld
1557
7. Diagnose-Interface für Datenbus, Multifunktionsanzeige	1558
153 - Multimediasystem Rear-Seat-Entertainment (RSE)	1559-1563
1. Multimediasystem Rear-Seat-Entertainment (RSE)	1559
2. Steuergerät für Multimediasystem, Radio	1560
3. Steuergerät für Multimediasystem, Bedienungseinheit für Multimediasystem	1561
